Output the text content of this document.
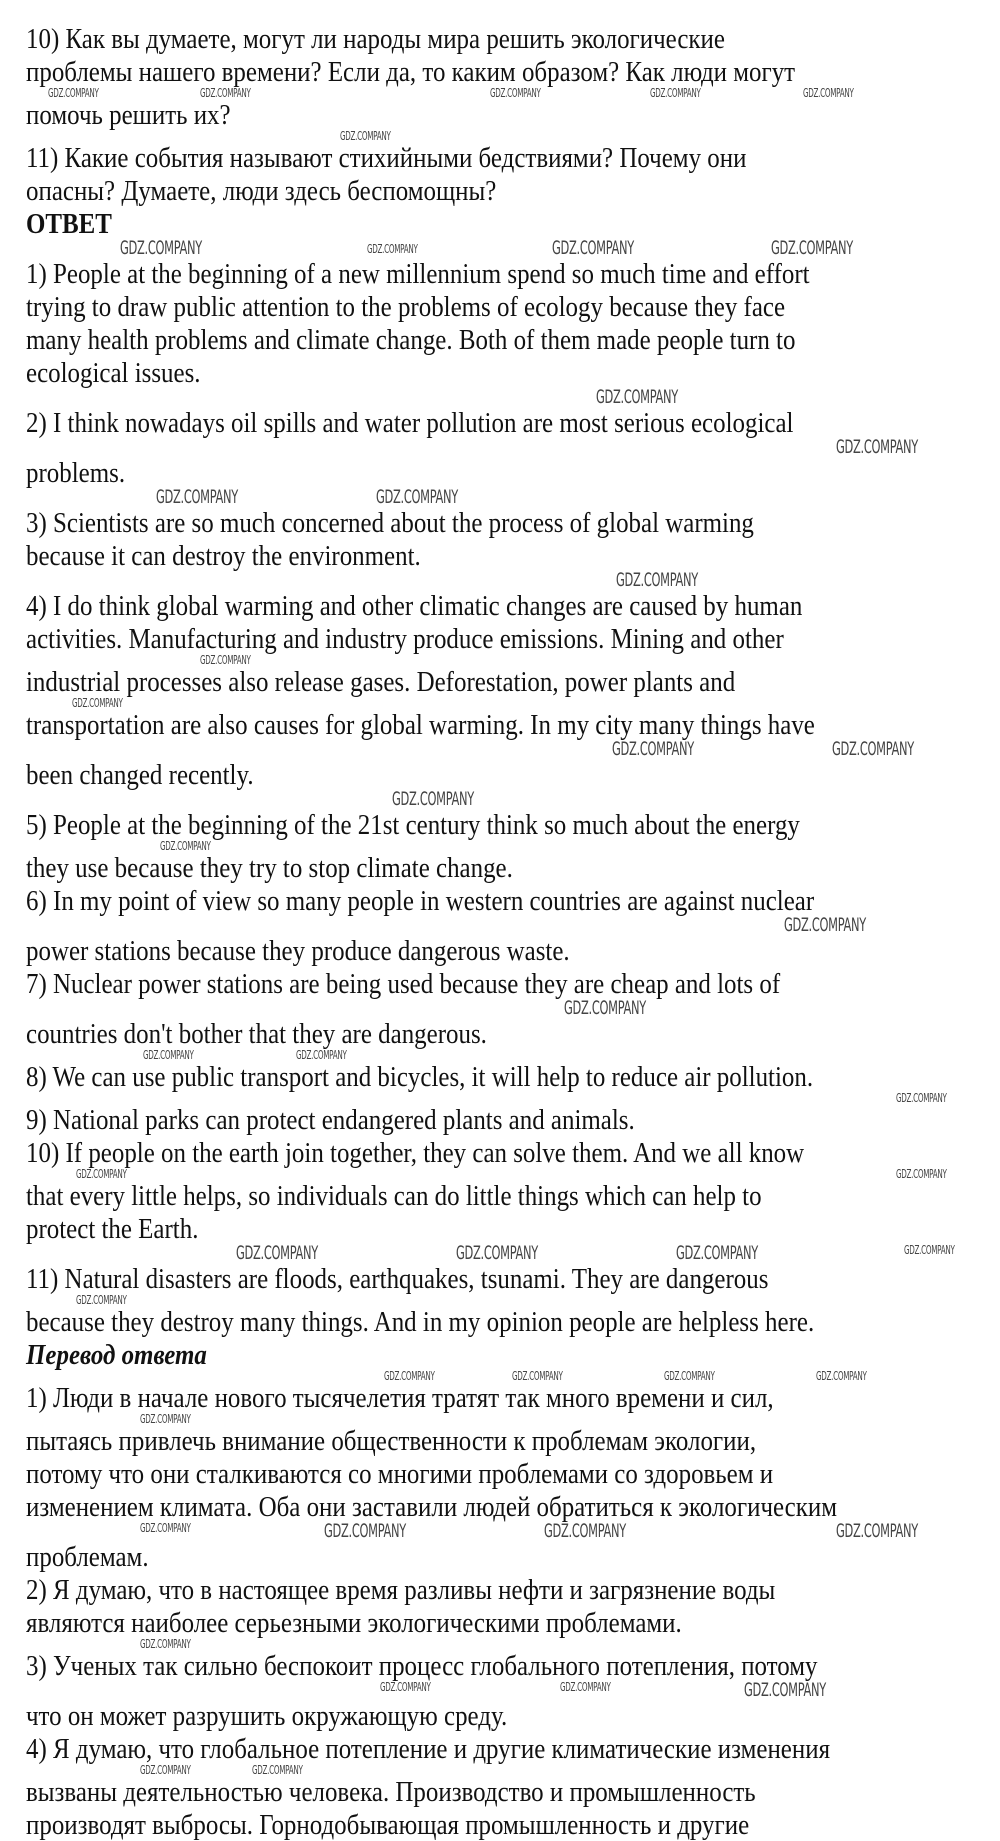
10) Как вы думаете, могут ли народы мира решить экологические
проблемы нашего времени? Если да, то каким образом? Как люди могут
GDZ.COMPANY	GDZ.COMPANY	GDZ.COMPANY	GDZ.COMPANY	GDZ.COMPANY
помочь решить их?
GDZ.COMPANY
11) Какие события называют стихийными бедствиями? Почему они
опасны? Думаете, люди здесь беспомощны?
ОТВЕТ
GDZ.COMPANY	GDZ.COMPANY	GDZ.COMPANY	GDZ.COMPANY
1) People at the beginning of a new millennium spend so much time and effort
trying to draw public attention to the problems of ecology because they face
many health problems and climate change. Both of them made people turn to
ecological issues.
GDZ.COMPANY
2) I think nowadays oil spills and water pollution are most serious ecological
GDZ.COMPANY
problems.
GDZ.COMPANY	GDZ.COMPANY
3) Scientists are so much concerned about the process of global warming
because it can destroy the environment.
GDZ.COMPANY
4) I do think global warming and other climatic changes are caused by human
activities. Manufacturing and industry produce emissions. Mining and other
GDZ.COMPANY
industrial processes also release gases. Deforestation, power plants and
GDZ.COMPANY
transportation are also causes for global warming. In my city many things have
GDZ.COMPANY	GDZ.COMPANY
been changed recently.
GDZ.COMPANY
5) People at the beginning of the 21st century think so much about the energy
GDZ.COMPANY
they use because they try to stop climate change.
6) In my point of view so many people in western countries are against nuclear
GDZ.COMPANY
power stations because they produce dangerous waste.
7) Nuclear power stations are being used because they are cheap and lots of
GDZ.COMPANY
countries don't bother that they are dangerous.
GDZ.COMPANY	GDZ.COMPANY
8) We can use public transport and bicycles, it will help to reduce air pollution.
GDZ.COMPANY
9) National parks can protect endangered plants and animals.
10) If people on the earth join together, they can solve them. And we all know
GDZ.COMPANY	GDZ.COMPANY
that every little helps, so individuals can do little things which can help to
protect the Earth.
GDZ.COMPANY	GDZ.COMPANY	GDZ.COMPANY	GDZ.COMPANY
11) Natural disasters are floods, earthquakes, tsunami. They are dangerous
GDZ.COMPANY
because they destroy many things. And in my opinion people are helpless here.
Перевод ответа
GDZ.COMPANY	GDZ.COMPANY	GDZ.COMPANY	GDZ.COMPANY
1) Люди в начале нового тысячелетия тратят так много времени и сил,
GDZ.COMPANY
пытаясь привлечь внимание общественности к проблемам экологии,
потому что они сталкиваются со многими проблемами со здоровьем и
изменением климата. Оба они заставили людей обратиться к экологическим
GDZ.COMPANY	GDZ.COMPANY	GDZ.COMPANY	GDZ.COMPANY
проблемам.
2) Я думаю, что в настоящее время разливы нефти и загрязнение воды
являются наиболее серьезными экологическими проблемами.
GDZ.COMPANY
3) Ученых так сильно беспокоит процесс глобального потепления, потому
GDZ.COMPANY	GDZ.COMPANY	GDZ.COMPANY
что он может разрушить окружающую среду.
4) Я думаю, что глобальное потепление и другие климатические изменения
GDZ.COMPANY	GDZ.COMPANY
вызваны деятельностью человека. Производство и промышленность
производят выбросы. Горнодобывающая промышленность и другие
